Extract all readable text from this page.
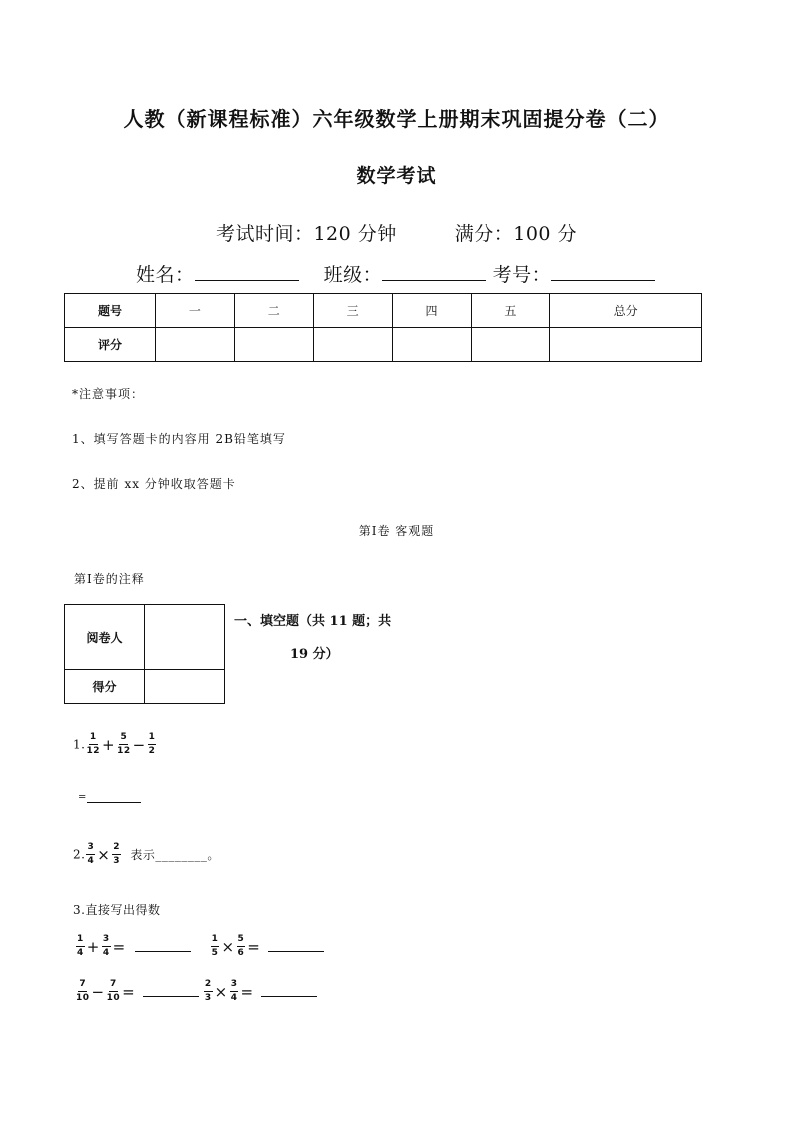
人教（新课程标准）六年级数学上册期末巩固提分卷（二）
数学考试
考试时间：120 分钟	满分：100 分
姓名：	班级：	考号：
题号	一	二	三	四	五	总分
评分						
*注意事项：
1、填写答题卡的内容用 2B铅笔填写
2、提前 xx 分钟收取答题卡
第Ⅰ卷 客观题
第Ⅰ卷的注释
阅卷人	
得分	
一、填空题（共 11 题；共
19 分）
1. $\frac{1}{12} + \frac{5}{12} - \frac{1}{2}$
=
2. $\frac{3}{4} \times \frac{2}{3}$ 表示________。
3.直接写出得数
$\frac{1}{4} + \frac{3}{4}$ =	$\frac{1}{5} \times \frac{5}{6}$ =
$\frac{7}{10} - \frac{7}{10}$ =	$\frac{2}{3} \times \frac{3}{4}$ =
